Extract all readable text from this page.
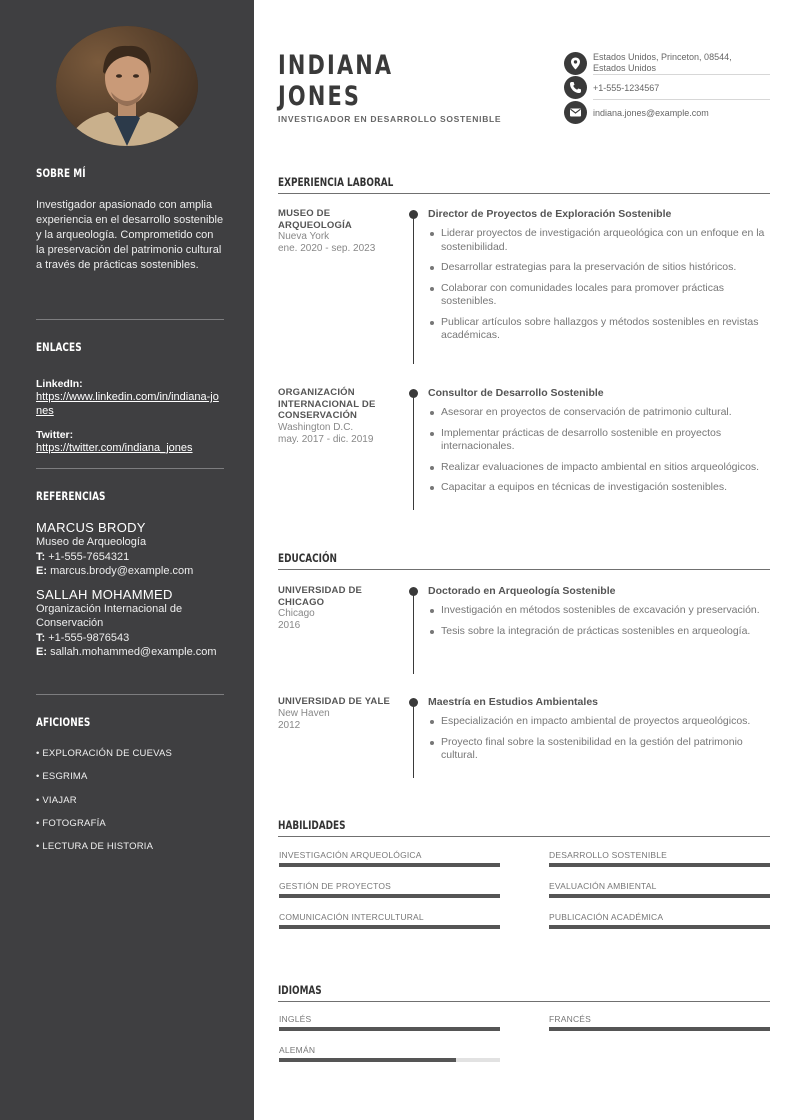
SOBRE MÍ
Investigador apasionado con amplia experiencia en el desarrollo sostenible y la arqueología. Comprometido con la preservación del patrimonio cultural a través de prácticas sostenibles.
ENLACES
LinkedIn:
https://www.linkedin.com/in/indiana-jones
Twitter:
https://twitter.com/indiana_jones
REFERENCIAS
MARCUS BRODY
Museo de Arqueología
T: +1-555-7654321
E: marcus.brody@example.com
SALLAH MOHAMMED
Organización Internacional de Conservación
T: +1-555-9876543
E: sallah.mohammed@example.com
AFICIONES
• EXPLORACIÓN DE CUEVAS
• ESGRIMA
• VIAJAR
• FOTOGRAFÍA
• LECTURA DE HISTORIA
INDIANA
JONES
INVESTIGADOR EN DESARROLLO SOSTENIBLE
Estados Unidos, Princeton, 08544,
Estados Unidos
+1-555-1234567
indiana.jones@example.com
EXPERIENCIA LABORAL
MUSEO DE ARQUEOLOGÍA
Nueva York
ene. 2020 - sep. 2023
Director de Proyectos de Exploración Sostenible
Liderar proyectos de investigación arqueológica con un enfoque en la sostenibilidad.
Desarrollar estrategias para la preservación de sitios históricos.
Colaborar con comunidades locales para promover prácticas sostenibles.
Publicar artículos sobre hallazgos y métodos sostenibles en revistas académicas.
ORGANIZACIÓN INTERNACIONAL DE CONSERVACIÓN
Washington D.C.
may. 2017 - dic. 2019
Consultor de Desarrollo Sostenible
Asesorar en proyectos de conservación de patrimonio cultural.
Implementar prácticas de desarrollo sostenible en proyectos internacionales.
Realizar evaluaciones de impacto ambiental en sitios arqueológicos.
Capacitar a equipos en técnicas de investigación sostenibles.
EDUCACIÓN
UNIVERSIDAD DE CHICAGO
Chicago
2016
Doctorado en Arqueología Sostenible
Investigación en métodos sostenibles de excavación y preservación.
Tesis sobre la integración de prácticas sostenibles en arqueología.
UNIVERSIDAD DE YALE
New Haven
2012
Maestría en Estudios Ambientales
Especialización en impacto ambiental de proyectos arqueológicos.
Proyecto final sobre la sostenibilidad en la gestión del patrimonio cultural.
HABILIDADES
INVESTIGACIÓN ARQUEOLÓGICA	DESARROLLO SOSTENIBLE
GESTIÓN DE PROYECTOS	EVALUACIÓN AMBIENTAL
COMUNICACIÓN INTERCULTURAL	PUBLICACIÓN ACADÉMICA
IDIOMAS
INGLÉS	FRANCÉS
ALEMÁN
